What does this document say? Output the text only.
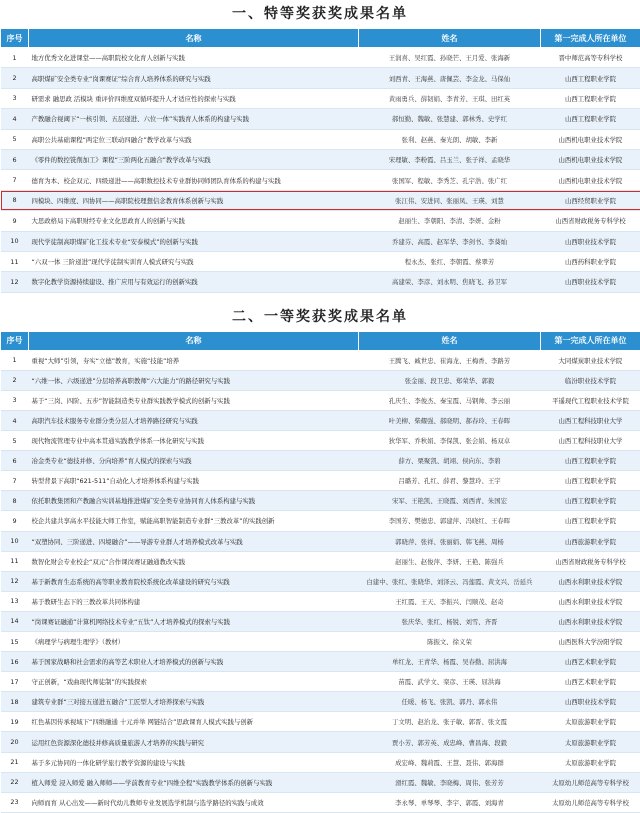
一、特等奖获奖成果名单
序号	名称	姓名	第一完成人所在单位
1	地方优秀文化进课堂——高职院校文化育人创新与实践	王润喜、吴红霞、孙晓芒、王月爱、张海新	晋中师范高等专科学校
2	高职煤矿安全类专业“岗课赛证”综合育人培养体系的研究与实践	刘西青、王海燕、唐佩芸、李金龙、马保仙	山西工程职业学院
3	研需求 融思政 活模块 重评价四维度双循环提升人才适应性的探索与实践	黄雨勇兵、薛韧娟、李青芳、王琪、田红英	山西工程职业学院
4	产教融合视阈下“一核引领、五层递进、六位一体”实践育人体系的构建与实践	郝恒勤、魏敏、张慧建、郭林秀、史学红	山西工程职业学院
5	高职公共基础课程“两定位三联动四融合”教学改革与实践	张利、赵燕、秦光朗、胡敏、李新	山西机电职业技术学院
6	《零件的数控铣削加工》课程“三阶两化五融合”教学改革与实践	宋理敏、李粉霞、吕玉兰、张子祥、孟晓华	山西机电职业技术学院
7	德育为本、校企双元、四级递进——高职数控技术专业群协同师团队育体系的构建与实践	张国军、程敏、李秀芝、孔宇浩、张广红	山西机电职业技术学院
8	四模块、四维度、四协同——高职院校理想信念教育体系创新与实践	张江伟、安进同、张丽凤、王瑛、刘慧	山西经贸职业学院
9	大思政格局下高职财经专业文化思政育人的创新与实践	赵丽生、李朝阳、李清、李妍、金粉	山西省财政税务专科学校
10	现代学徒制高职煤矿化工技术专业“安泰模式”的创新与实践	乔建芬、高霞、赵军华、李剑书、李葵灿	山西职业技术学院
11	“六双一体 三阶递进”现代学徒制实训育人模式研究与实践	程永杰、张红、李朝霞、蔡翠芳	山西药科职业学院
12	数字化教学资源持续建设、推广应用与有效运行的创新实践	高建荣、李彦、刘永明、焦晓飞、孙卫军	山西职业技术学院
二、一等奖获奖成果名单
序号	名称	姓名	第一完成人所在单位
1	重视“大师”引领，夯实“立德”教育，实施“技能”培养	王腾飞、臧世忠、崔海龙、王梅香、李路芳	大同煤炭职业技术学院
2	“六维一体、六级递进”分层培养高职教师“六大能力”的路径研究与实践	张金丽、段卫忠、郑荣华、郭毅	临汾职业技术学院
3	基于“三岗、四阶、五步”智能制造类专业群实践教学模式的创新与实践	孔庆生、李俊杰、秦宝霞、马钢帅、李云丽	平遥现代工程职业技术学院
4	高职汽车技术服务专业群分类分层人才培养路径研究与实践	叶美柳、柴耀强、郝晓明、郝春玲、王春晖	山西工程科技职业大学
5	现代物流管理专业中高本贯通实践教学体系一体化研究与实践	狄华军、乔秋娟、李保凯、张会娟、杨双卓	山西工程科技职业大学
6	冶金类专业“德技并修、分向培养”育人模式的探索与实践	薛方、栗聚凯、胡翊、侯向东、李碧	山西工程职业学院
7	转型背景下高职“621-511”自动化人才培养体系构建与实践	吕璐芳、孔红、薛君、黎慧玲、王宇	山西工程职业学院
8	依托职教集团和产教融合实训基地推进煤矿安全类专业协同育人体系构建与实践	宋军、王艳凯、王晓霞、刘西青、朱国宏	山西工程职业学院
9	校企共建共享高水平技能大师工作室，赋能高职智能制造专业群“三教改革”的实践创新	李国芳、樊德忠、郭建萍、冯晓红、王春晖	山西工程职业学院
10	“双塑协同、三阶递进、四境融合”——导游专业群人才培养模式改革与实践	郭晓萍、张祥、张丽娟、韩飞燕、周杨	山西旅游职业学院
11	数智化财会专业校企“双元”合作课岗赛证融通教改实践	赵丽生、赵俊萍、李妍、王艳、陈强兵	山西省财政税务专科学校
12	基于新教育生态系统的高等职业教育院校系统化改革建设的研究与实践	白建中、张红、张晓华、刘泽云、冯莲霞、黄文兴、岳延兵	山西水利职业技术学院
13	基于教研生态下的三教改革共同体构建	王红霞、王天、李振兴、闫顺茂、赵奇	山西水利职业技术学院
14	“岗课赛证融通”计算机网络技术专业“五钛”人才培养模式的探索与实践	张庆华、张红、杨锐、刘雪、齐晋	山西水利职业技术学院
15	《病理学与病理生理学》（教材）	陈振文、徐义荣	山西医科大学汾阳学院
16	基于国家战略和社会需求的高等艺术职业人才培养模式的创新与实践	单红龙、王青华、杨霞、吴春勤、屈洪海	山西艺术职业学院
17	守正创新，“戏曲现代师徒制”的实践探索	苗霞、武学文、栾彦、王瑛、屈洪海	山西艺术职业学院
18	建筑专业群“三对接五递进五融合”工匠型人才培养探索与实践	任暖、杨飞、张凯、郭丹、郭永伟	山西职业技术学院
19	红色基因传承视域下“四维融通 十元并举 网链结合”思政课育人模式实践与创新	丁文明、赵治龙、张子敏、郭晋、张文霞	太原旅游职业学院
20	运用红色资源深化德技并修高质量旅游人才培养的实践与研究	贾小芳、郭芳英、成忠峰、曹昌海、段毅	太原旅游职业学院
21	基于多元协同的一体化研学旅行教学资源的建设与实践	成宏峰、魏莉霞、王慧、聂伟、郭海群	太原旅游职业学院
22	植入师爱 浸入师爱 融入师师——学前教育专业“四维全程”实践教学体系的创新与实践	滑红霞、魏敏、李晓梅、周伟、张芳芳	太原幼儿师范高等专科学校
23	向师而育 从心出发——新时代幼儿教师专业发展选学机制与选学路径的实践与成效	李永琴、单琴琴、李宇、郭霞、刘海青	太原幼儿师范高等专科学校
